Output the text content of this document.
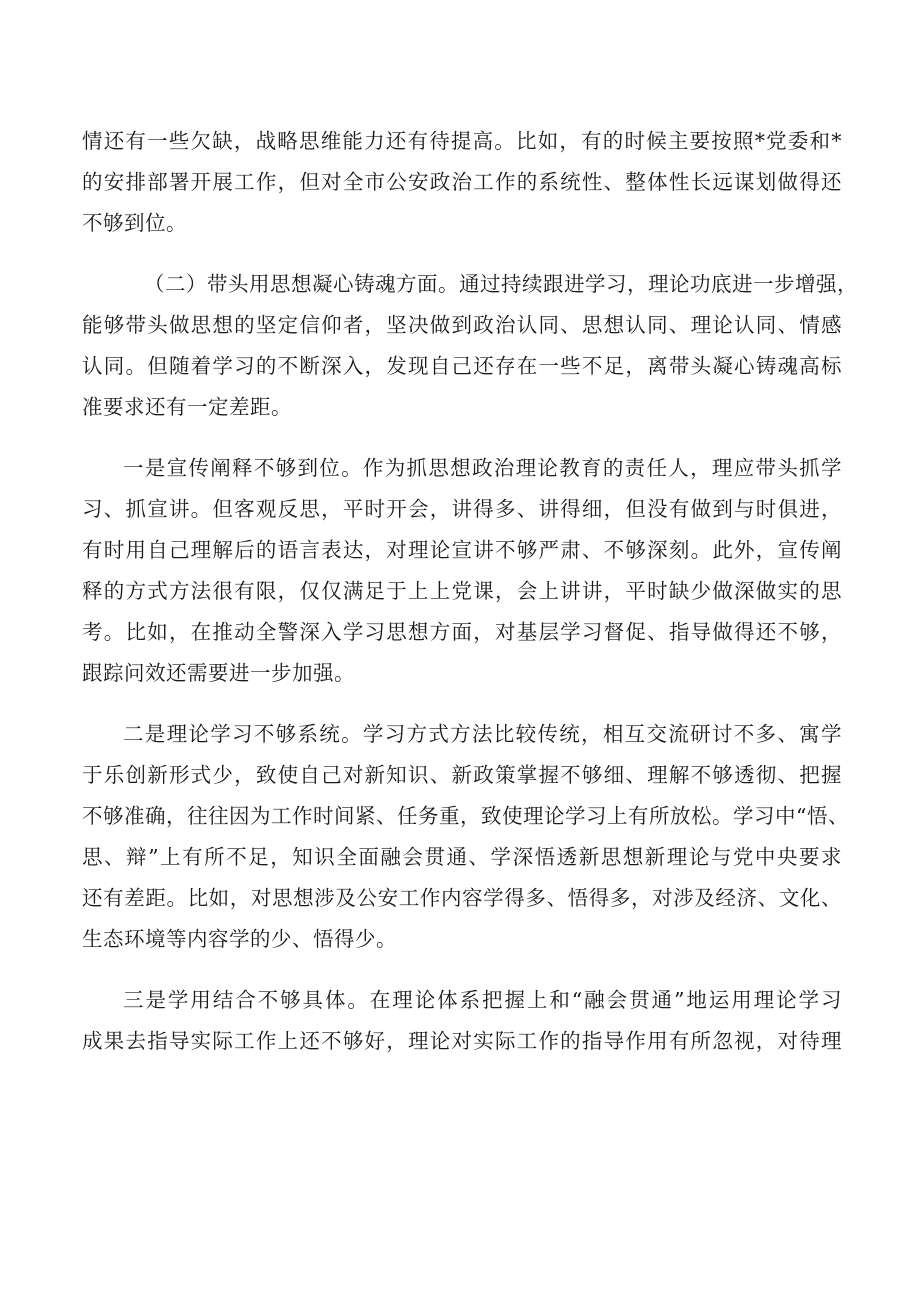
情还有一些欠缺，战略思维能力还有待提高。比如，有的时候主要按照*党委和*
的安排部署开展工作，但对全市公安政治工作的系统性、整体性长远谋划做得还
不够到位。
（二）带头用思想凝心铸魂方面。通过持续跟进学习，理论功底进一步增强，
能够带头做思想的坚定信仰者，坚决做到政治认同、思想认同、理论认同、情感
认同。但随着学习的不断深入，发现自己还存在一些不足，离带头凝心铸魂高标
准要求还有一定差距。
一是宣传阐释不够到位。作为抓思想政治理论教育的责任人，理应带头抓学
习、抓宣讲。但客观反思，平时开会，讲得多、讲得细，但没有做到与时俱进，
有时用自己理解后的语言表达，对理论宣讲不够严肃、不够深刻。此外，宣传阐
释的方式方法很有限，仅仅满足于上上党课，会上讲讲，平时缺少做深做实的思
考。比如，在推动全警深入学习思想方面，对基层学习督促、指导做得还不够，
跟踪问效还需要进一步加强。
二是理论学习不够系统。学习方式方法比较传统，相互交流研讨不多、寓学
于乐创新形式少，致使自己对新知识、新政策掌握不够细、理解不够透彻、把握
不够准确，往往因为工作时间紧、任务重，致使理论学习上有所放松。学习中“悟、
思、辩”上有所不足，知识全面融会贯通、学深悟透新思想新理论与党中央要求
还有差距。比如，对思想涉及公安工作内容学得多、悟得多，对涉及经济、文化、
生态环境等内容学的少、悟得少。
三是学用结合不够具体。在理论体系把握上和“融会贯通”地运用理论学习
成果去指导实际工作上还不够好，理论对实际工作的指导作用有所忽视，对待理
